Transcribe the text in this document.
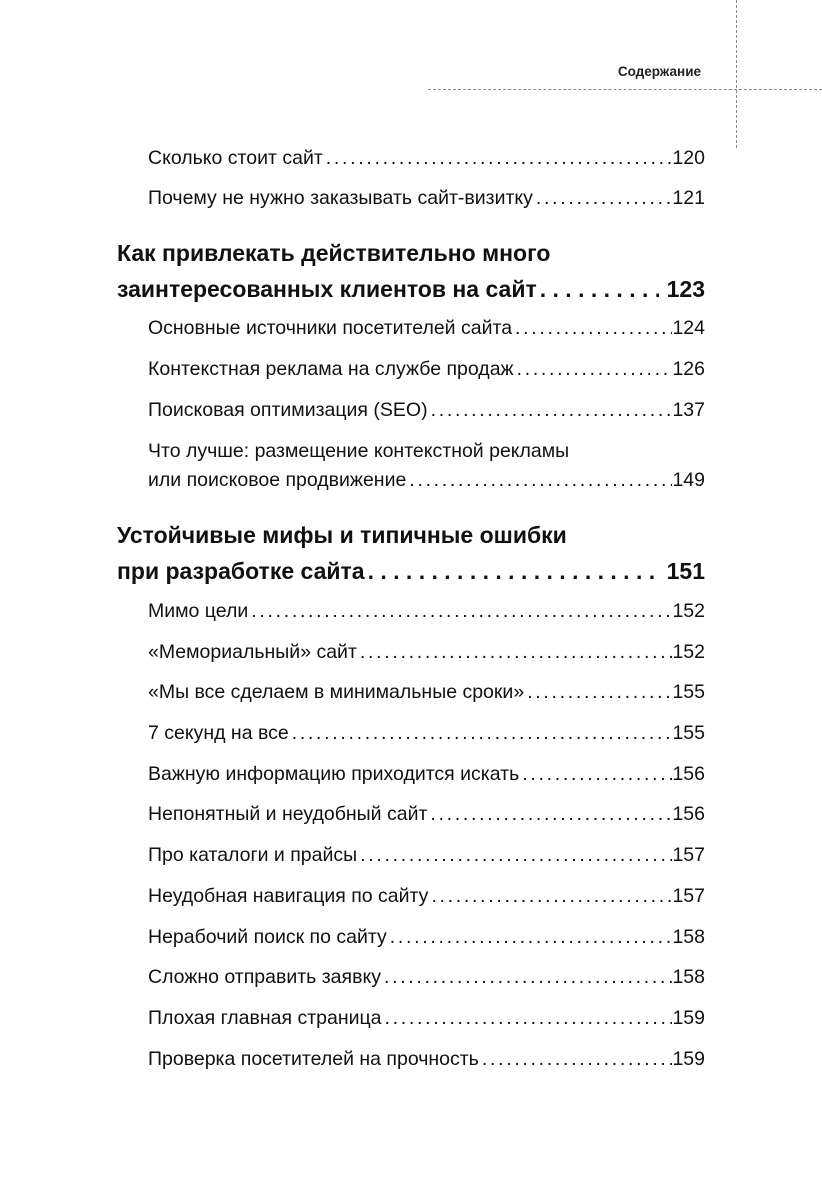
Содержание
Сколько стоит сайт .....	120
Почему не нужно заказывать сайт-визитку .....	121
Как привлекать действительно много
заинтересованных клиентов на сайт . . .	123
Основные источники посетителей сайта .....	124
Контекстная реклама на службе продаж .....	126
Поисковая оптимизация (SEO) .....	137
Что лучше: размещение контекстной рекламы
или поисковое продвижение .....	149
Устойчивые мифы и типичные ошибки
при разработке сайта . . .	151
Мимо цели .....	152
«Мемориальный» сайт .....	152
«Мы все сделаем в минимальные сроки» .....	155
7 секунд на все .....	155
Важную информацию приходится искать .....	156
Непонятный и неудобный сайт .....	156
Про каталоги и прайсы .....	157
Неудобная навигация по сайту .....	157
Нерабочий поиск по сайту .....	158
Сложно отправить заявку .....	158
Плохая главная страница .....	159
Проверка посетителей на прочность .....	159
